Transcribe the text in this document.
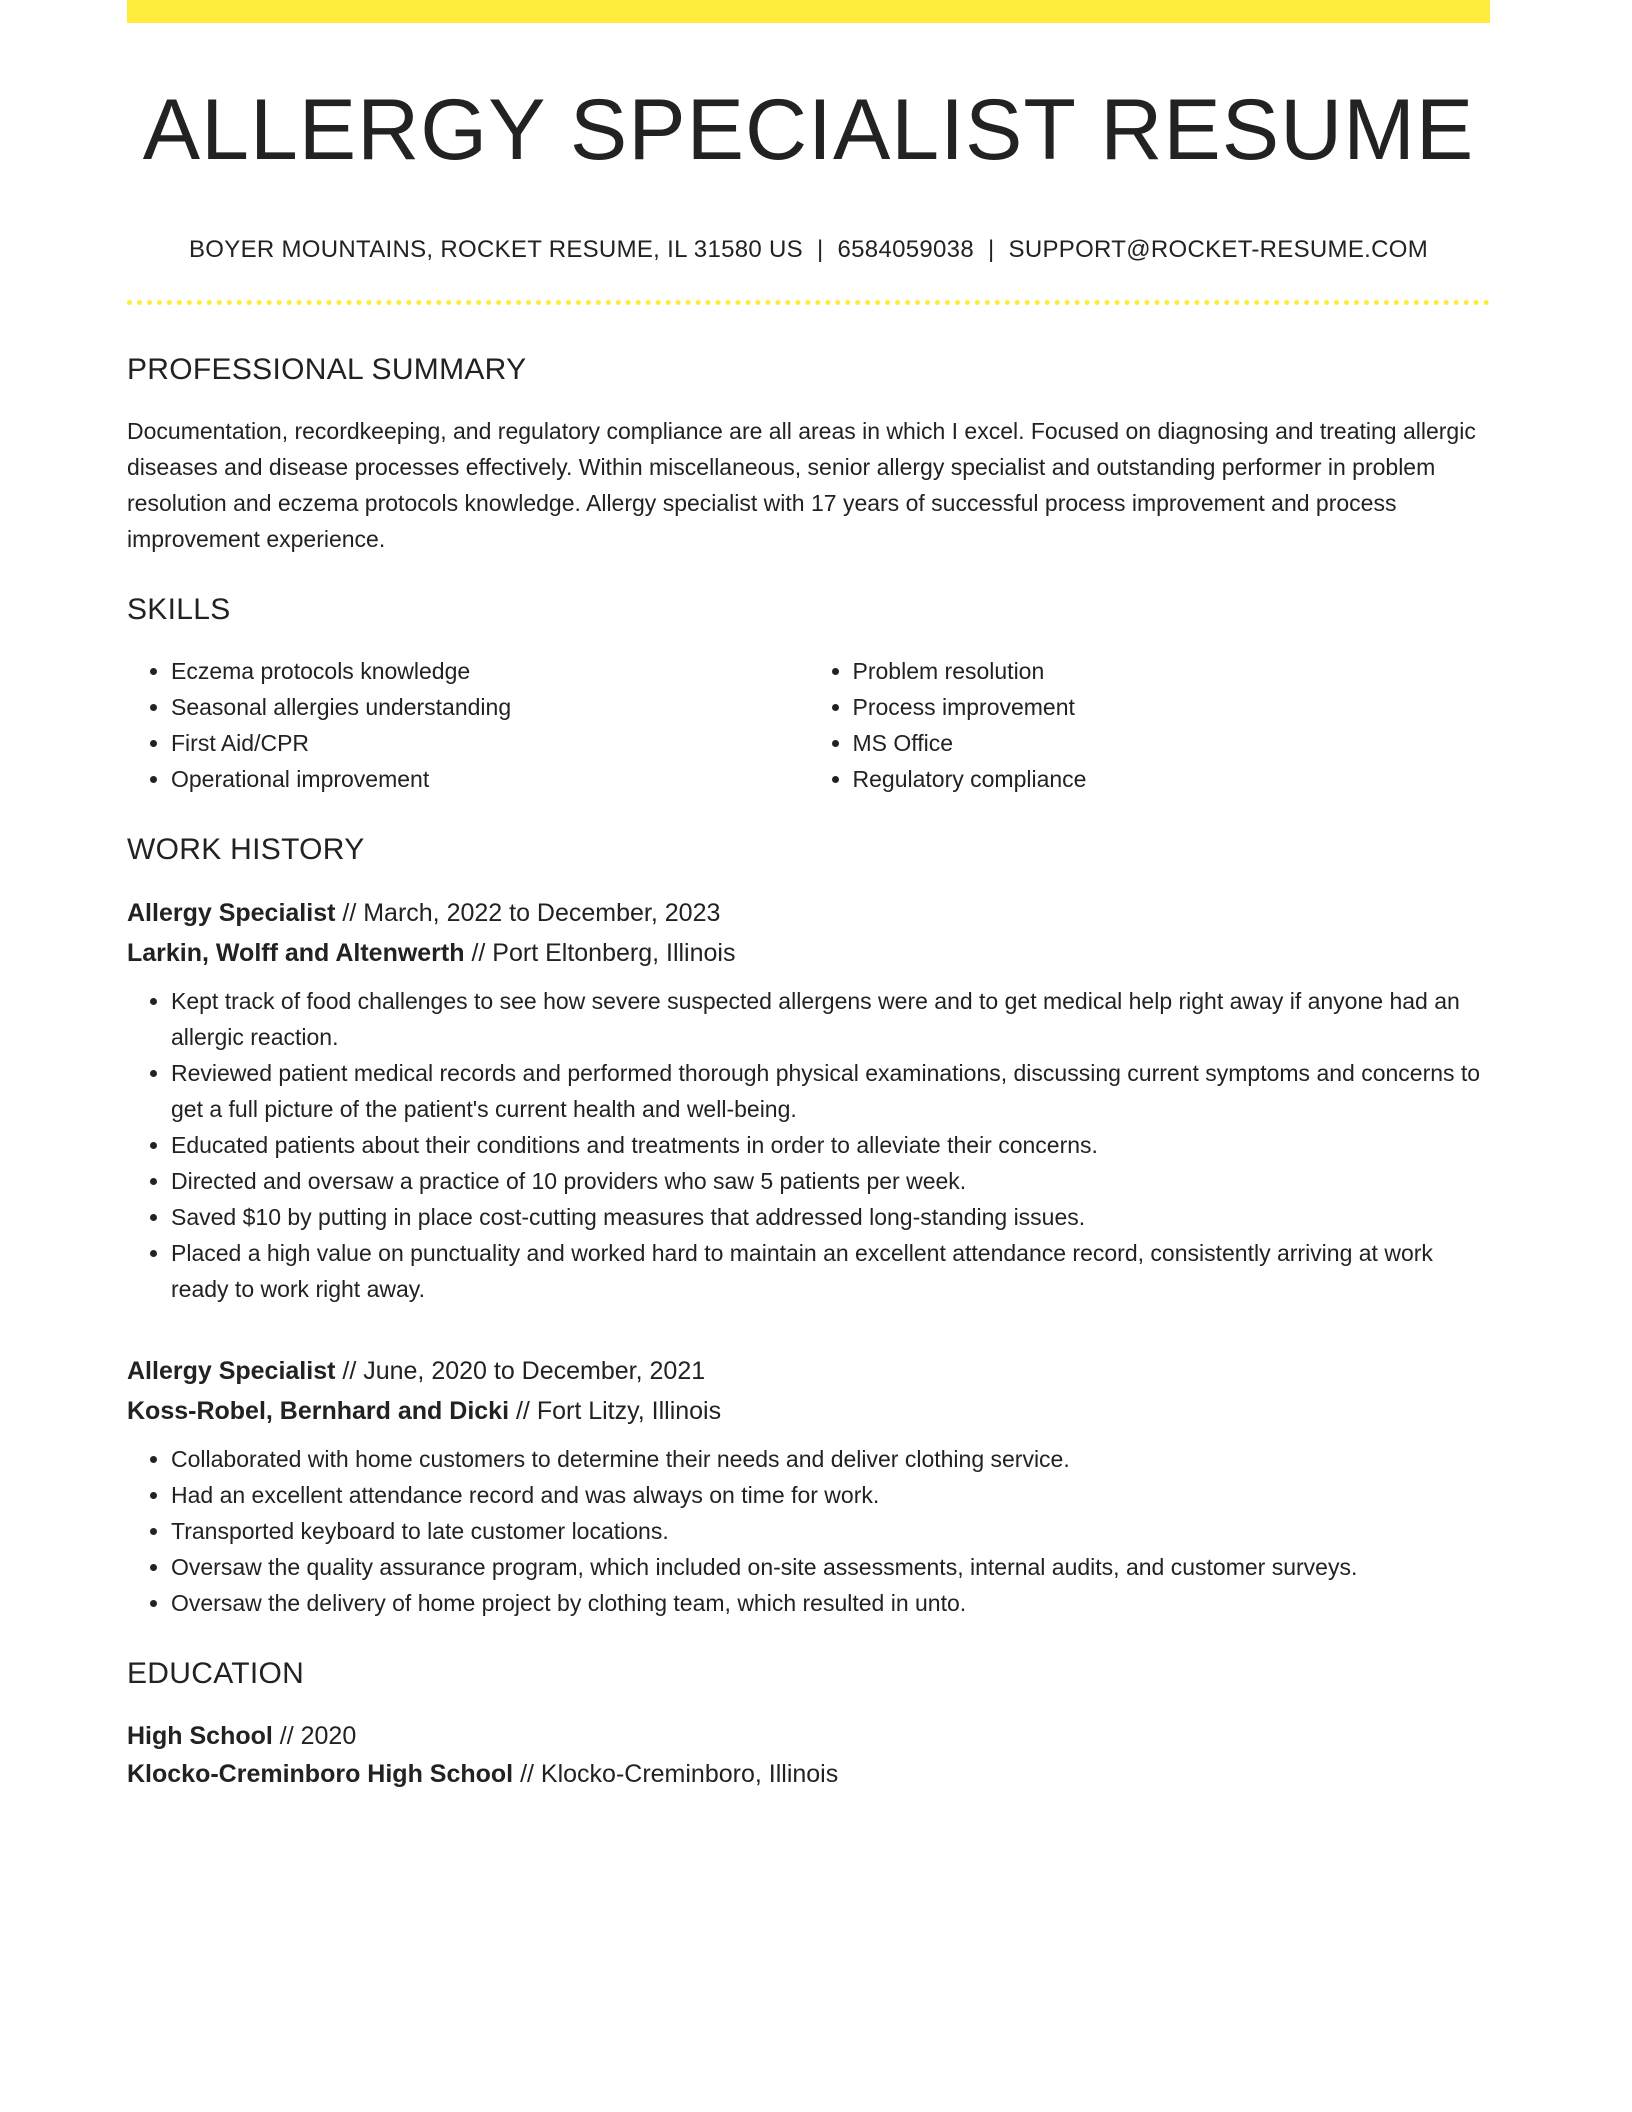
ALLERGY SPECIALIST RESUME
BOYER MOUNTAINS, ROCKET RESUME, IL 31580 US | 6584059038 | SUPPORT@ROCKET-RESUME.COM
PROFESSIONAL SUMMARY

Documentation, recordkeeping, and regulatory compliance are all areas in which I excel. Focused on diagnosing and treating allergic diseases and disease processes effectively. Within miscellaneous, senior allergy specialist and outstanding performer in problem resolution and eczema protocols knowledge. Allergy specialist with 17 years of successful process improvement and process improvement experience.

SKILLS
• Eczema protocols knowledge
• Seasonal allergies understanding
• First Aid/CPR
• Operational improvement
• Problem resolution
• Process improvement
• MS Office
• Regulatory compliance
WORK HISTORY
Allergy Specialist // March, 2022 to December, 2023
Larkin, Wolff and Altenwerth // Port Eltonberg, Illinois
• Kept track of food challenges to see how severe suspected allergens were and to get medical help right away if anyone had an allergic reaction.
• Reviewed patient medical records and performed thorough physical examinations, discussing current symptoms and concerns to get a full picture of the patient's current health and well-being.
• Educated patients about their conditions and treatments in order to alleviate their concerns.
• Directed and oversaw a practice of 10 providers who saw 5 patients per week.
• Saved $10 by putting in place cost-cutting measures that addressed long-standing issues.
• Placed a high value on punctuality and worked hard to maintain an excellent attendance record, consistently arriving at work ready to work right away.
Allergy Specialist // June, 2020 to December, 2021
Koss-Robel, Bernhard and Dicki // Fort Litzy, Illinois
• Collaborated with home customers to determine their needs and deliver clothing service.
• Had an excellent attendance record and was always on time for work.
• Transported keyboard to late customer locations.
• Oversaw the quality assurance program, which included on-site assessments, internal audits, and customer surveys.
• Oversaw the delivery of home project by clothing team, which resulted in unto.
EDUCATION
High School // 2020
Klocko-Creminboro High School // Klocko-Creminboro, Illinois
